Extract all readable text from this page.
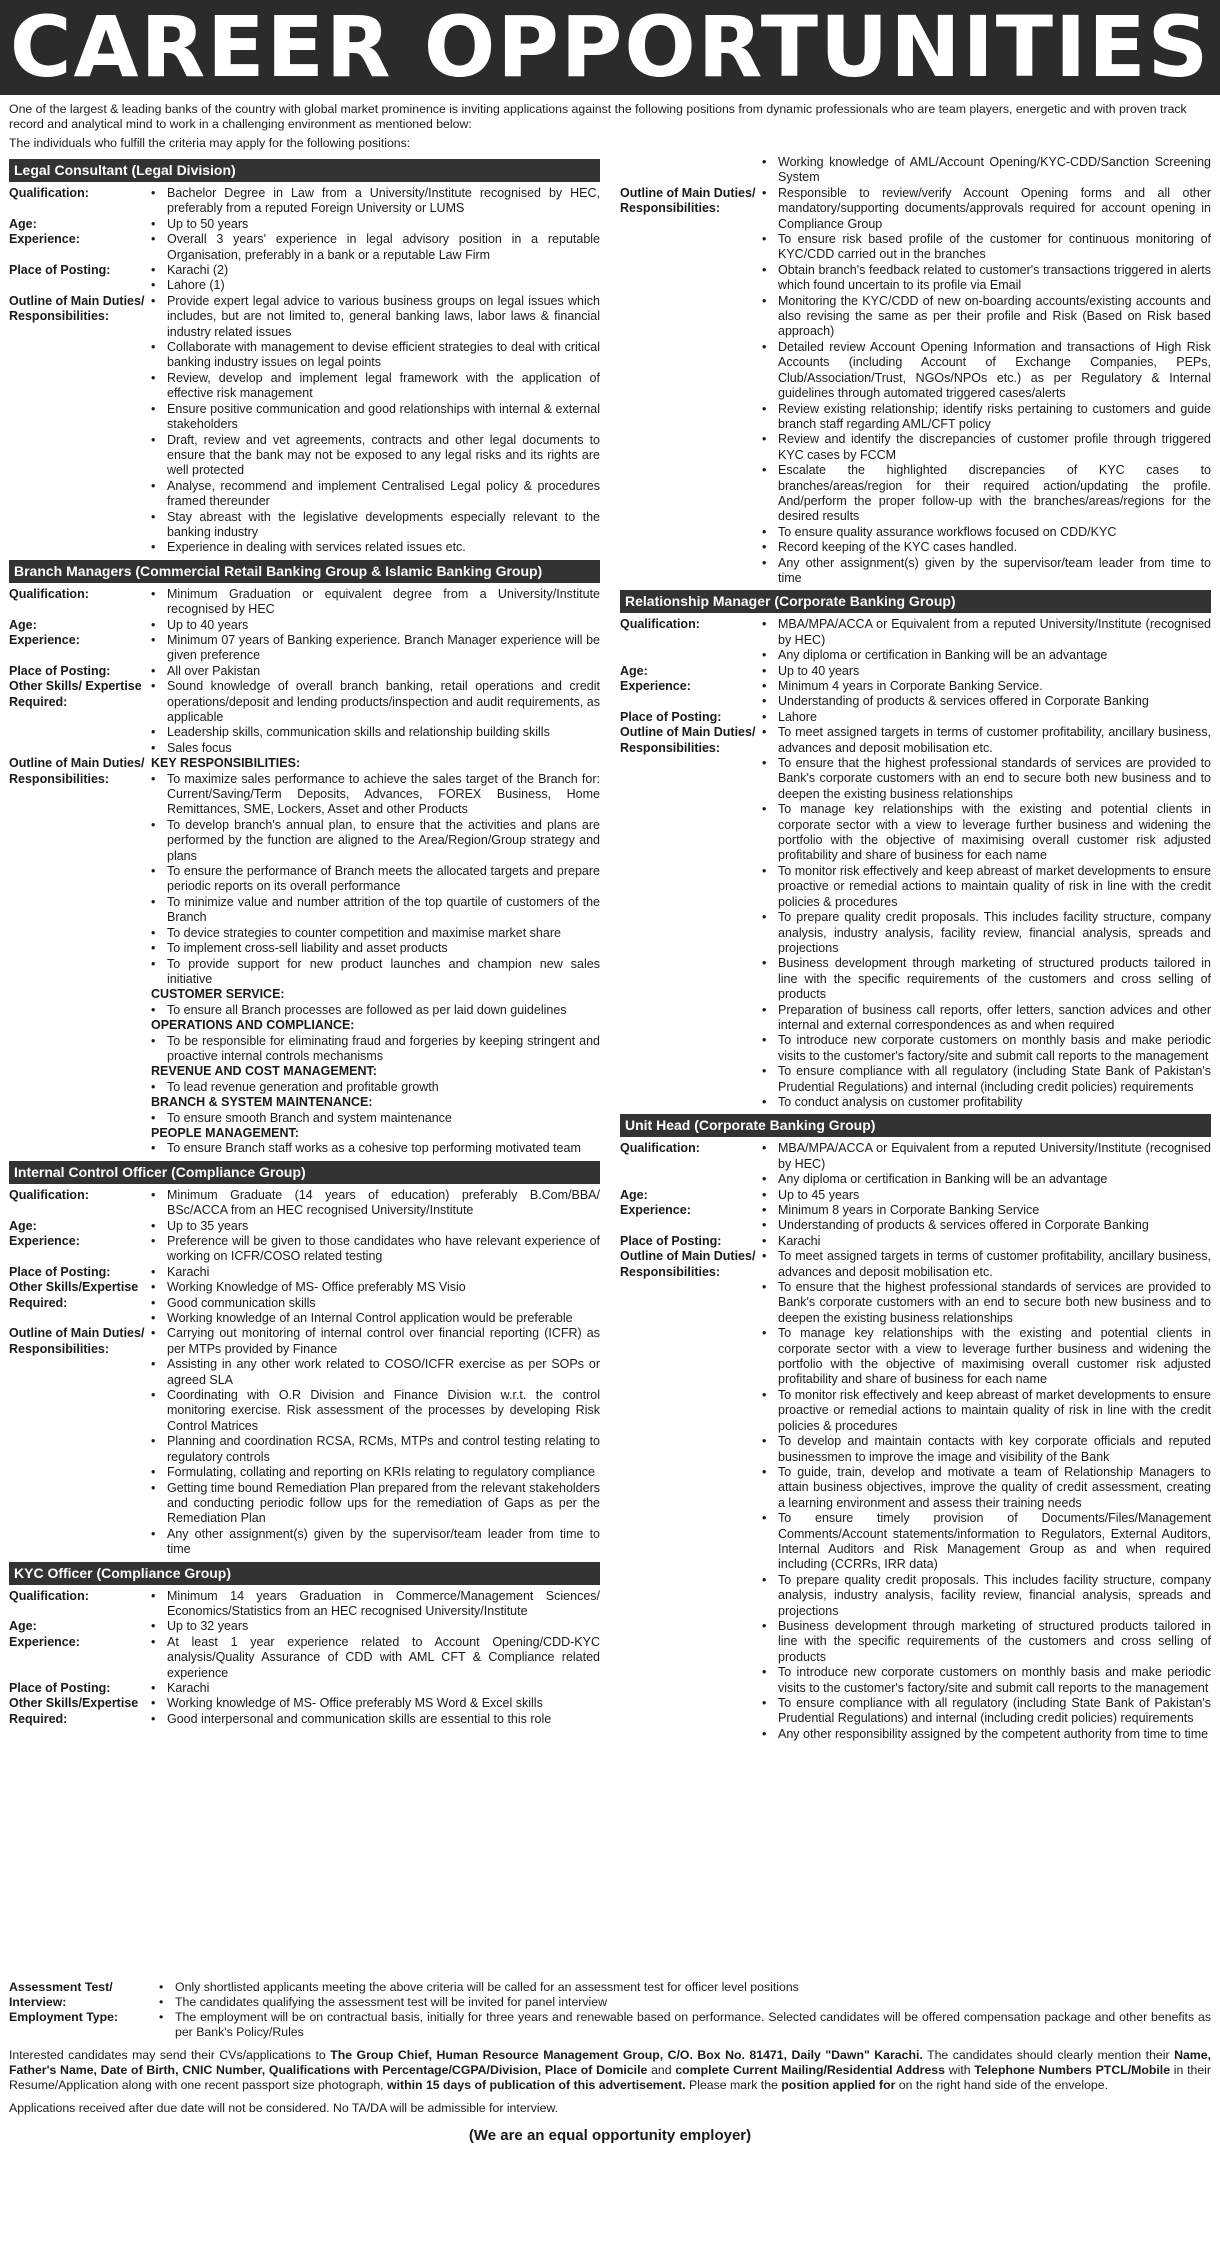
CAREER OPPORTUNITIES

One of the largest & leading banks of the country with global market prominence is inviting applications against the following positions from dynamic professionals who are team players, energetic and with proven track record and analytical mind to work in a challenging environment as mentioned below:

The individuals who fulfill the criteria may apply for the following positions:

Legal Consultant (Legal Division)
Qualification:	• Bachelor Degree in Law from a University/Institute recognised by HEC, preferably from a reputed Foreign University or LUMS
Age:	• Up to 50 years
Experience:	• Overall 3 years' experience in legal advisory position in a reputable Organisation, preferably in a bank or a reputable Law Firm
Place of Posting:	• Karachi (2)
• Lahore (1)
Outline of Main Duties/ Responsibilities:
• Provide expert legal advice to various business groups on legal issues which includes, but are not limited to, general banking laws, labor laws & financial industry related issues
• Collaborate with management to devise efficient strategies to deal with critical banking industry issues on legal points
• Review, develop and implement legal framework with the application of effective risk management
• Ensure positive communication and good relationships with internal & external stakeholders
• Draft, review and vet agreements, contracts and other legal documents to ensure that the bank may not be exposed to any legal risks and its rights are well protected
• Analyse, recommend and implement Centralised Legal policy & procedures framed thereunder
• Stay abreast with the legislative developments especially relevant to the banking industry
• Experience in dealing with services related issues etc.
Branch Managers (Commercial Retail Banking Group & Islamic Banking Group)
Qualification:	• Minimum Graduation or equivalent degree from a University/Institute recognised by HEC
Age:	• Up to 40 years
Experience:	• Minimum 07 years of Banking experience. Branch Manager experience will be given preference
Place of Posting:	• All over Pakistan
Other Skills/ Expertise Required:
• Sound knowledge of overall branch banking, retail operations and credit operations/deposit and lending products/inspection and audit requirements, as applicable
• Leadership skills, communication skills and relationship building skills
• Sales focus
Outline of Main Duties/ Responsibilities:
KEY RESPONSIBILITIES:
• To maximize sales performance to achieve the sales target of the Branch for: Current/Saving/Term Deposits, Advances, FOREX Business, Home Remittances, SME, Lockers, Asset and other Products
• To develop branch's annual plan, to ensure that the activities and plans are performed by the function are aligned to the Area/Region/Group strategy and plans
• To ensure the performance of Branch meets the allocated targets and prepare periodic reports on its overall performance
• To minimize value and number attrition of the top quartile of customers of the Branch
• To device strategies to counter competition and maximise market share
• To implement cross-sell liability and asset products
• To provide support for new product launches and champion new sales initiative
CUSTOMER SERVICE:
• To ensure all Branch processes are followed as per laid down guidelines
OPERATIONS AND COMPLIANCE:
• To be responsible for eliminating fraud and forgeries by keeping stringent and proactive internal controls mechanisms
REVENUE AND COST MANAGEMENT:
• To lead revenue generation and profitable growth
BRANCH & SYSTEM MAINTENANCE:
• To ensure smooth Branch and system maintenance
PEOPLE MANAGEMENT:
• To ensure Branch staff works as a cohesive top performing motivated team
Internal Control Officer (Compliance Group)
Qualification:	• Minimum Graduate (14 years of education) preferably B.Com/BBA/ BSc/ACCA from an HEC recognised University/Institute
Age:	• Up to 35 years
Experience:	• Preference will be given to those candidates who have relevant experience of working on ICFR/COSO related testing
Place of Posting:	• Karachi
Other Skills/Expertise Required:
• Working Knowledge of MS- Office preferably MS Visio
• Good communication skills
• Working knowledge of an Internal Control application would be preferable
Outline of Main Duties/ Responsibilities:
• Carrying out monitoring of internal control over financial reporting (ICFR) as per MTPs provided by Finance
• Assisting in any other work related to COSO/ICFR exercise as per SOPs or agreed SLA
• Coordinating with O.R Division and Finance Division w.r.t. the control monitoring exercise. Risk assessment of the processes by developing Risk Control Matrices
• Planning and coordination RCSA, RCMs, MTPs and control testing relating to regulatory controls
• Formulating, collating and reporting on KRIs relating to regulatory compliance
• Getting time bound Remediation Plan prepared from the relevant stakeholders and conducting periodic follow ups for the remediation of Gaps as per the Remediation Plan
• Any other assignment(s) given by the supervisor/team leader from time to time
KYC Officer (Compliance Group)
Qualification:	• Minimum 14 years Graduation in Commerce/Management Sciences/ Economics/Statistics from an HEC recognised University/Institute
Age:	• Up to 32 years
Experience:	• At least 1 year experience related to Account Opening/CDD-KYC analysis/Quality Assurance of CDD with AML CFT & Compliance related experience
Place of Posting:	• Karachi
Other Skills/Expertise Required:
• Working knowledge of MS- Office preferably MS Word & Excel skills
• Good interpersonal and communication skills are essential to this role
• Working knowledge of AML/Account Opening/KYC-CDD/Sanction Screening System
Outline of Main Duties/ Responsibilities:
• Responsible to review/verify Account Opening forms and all other mandatory/supporting documents/approvals required for account opening in Compliance Group
• To ensure risk based profile of the customer for continuous monitoring of KYC/CDD carried out in the branches
• Obtain branch's feedback related to customer's transactions triggered in alerts which found uncertain to its profile via Email
• Monitoring the KYC/CDD of new on-boarding accounts/existing accounts and also revising the same as per their profile and Risk (Based on Risk based approach)
• Detailed review Account Opening Information and transactions of High Risk Accounts (including Account of Exchange Companies, PEPs, Club/Association/Trust, NGOs/NPOs etc.) as per Regulatory & Internal guidelines through automated triggered cases/alerts
• Review existing relationship; identify risks pertaining to customers and guide branch staff regarding AML/CFT policy
• Review and identify the discrepancies of customer profile through triggered KYC cases by FCCM
• Escalate the highlighted discrepancies of KYC cases to branches/areas/region for their required action/updating the profile. And/perform the proper follow-up with the branches/areas/regions for the desired results
• To ensure quality assurance workflows focused on CDD/KYC
• Record keeping of the KYC cases handled.
• Any other assignment(s) given by the supervisor/team leader from time to time
Relationship Manager (Corporate Banking Group)
Qualification:	• MBA/MPA/ACCA or Equivalent from a reputed University/Institute (recognised by HEC)
• Any diploma or certification in Banking will be an advantage
Age:	• Up to 40 years
Experience:	• Minimum 4 years in Corporate Banking Service.
• Understanding of products & services offered in Corporate Banking
Place of Posting:	• Lahore
Outline of Main Duties/ Responsibilities:
• To meet assigned targets in terms of customer profitability, ancillary business, advances and deposit mobilisation etc.
• To ensure that the highest professional standards of services are provided to Bank's corporate customers with an end to secure both new business and to deepen the existing business relationships
• To manage key relationships with the existing and potential clients in corporate sector with a view to leverage further business and widening the portfolio with the objective of maximising overall customer risk adjusted profitability and share of business for each name
• To monitor risk effectively and keep abreast of market developments to ensure proactive or remedial actions to maintain quality of risk in line with the credit policies & procedures
• To prepare quality credit proposals. This includes facility structure, company analysis, industry analysis, facility review, financial analysis, spreads and projections
• Business development through marketing of structured products tailored in line with the specific requirements of the customers and cross selling of products
• Preparation of business call reports, offer letters, sanction advices and other internal and external correspondences as and when required
• To introduce new corporate customers on monthly basis and make periodic visits to the customer's factory/site and submit call reports to the management
• To ensure compliance with all regulatory (including State Bank of Pakistan's Prudential Regulations) and internal (including credit policies) requirements
• To conduct analysis on customer profitability
Unit Head (Corporate Banking Group)
Qualification:	• MBA/MPA/ACCA or Equivalent from a reputed University/Institute (recognised by HEC)
• Any diploma or certification in Banking will be an advantage
Age:	• Up to 45 years
Experience:	• Minimum 8 years in Corporate Banking Service
• Understanding of products & services offered in Corporate Banking
Place of Posting:	• Karachi
Outline of Main Duties/ Responsibilities:
• To meet assigned targets in terms of customer profitability, ancillary business, advances and deposit mobilisation etc.
• To ensure that the highest professional standards of services are provided to Bank's corporate customers with an end to secure both new business and to deepen the existing business relationships
• To manage key relationships with the existing and potential clients in corporate sector with a view to leverage further business and widening the portfolio with the objective of maximising overall customer risk adjusted profitability and share of business for each name
• To monitor risk effectively and keep abreast of market developments to ensure proactive or remedial actions to maintain quality of risk in line with the credit policies & procedures
• To develop and maintain contacts with key corporate officials and reputed businessmen to improve the image and visibility of the Bank
• To guide, train, develop and motivate a team of Relationship Managers to attain business objectives, improve the quality of credit assessment, creating a learning environment and assess their training needs
• To ensure timely provision of Documents/Files/Management Comments/Account statements/information to Regulators, External Auditors, Internal Auditors and Risk Management Group as and when required including (CCRRs, IRR data)
• To prepare quality credit proposals. This includes facility structure, company analysis, industry analysis, facility review, financial analysis, spreads and projections
• Business development through marketing of structured products tailored in line with the specific requirements of the customers and cross selling of products
• To introduce new corporate customers on monthly basis and make periodic visits to the customer's factory/site and submit call reports to the management
• To ensure compliance with all regulatory (including State Bank of Pakistan's Prudential Regulations) and internal (including credit policies) requirements
• Any other responsibility assigned by the competent authority from time to time
Assessment Test/ Interview:
• Only shortlisted applicants meeting the above criteria will be called for an assessment test for officer level positions
• The candidates qualifying the assessment test will be invited for panel interview
Employment Type:	• The employment will be on contractual basis, initially for three years and renewable based on performance. Selected candidates will be offered compensation package and other benefits as per Bank's Policy/Rules

Interested candidates may send their CVs/applications to The Group Chief, Human Resource Management Group, C/O. Box No. 81471, Daily "Dawn" Karachi. The candidates should clearly mention their Name, Father's Name, Date of Birth, CNIC Number, Qualifications with Percentage/CGPA/Division, Place of Domicile and complete Current Mailing/Residential Address with Telephone Numbers PTCL/Mobile in their Resume/Application along with one recent passport size photograph, within 15 days of publication of this advertisement. Please mark the position applied for on the right hand side of the envelope.

Applications received after due date will not be considered. No TA/DA will be admissible for interview.

(We are an equal opportunity employer)
